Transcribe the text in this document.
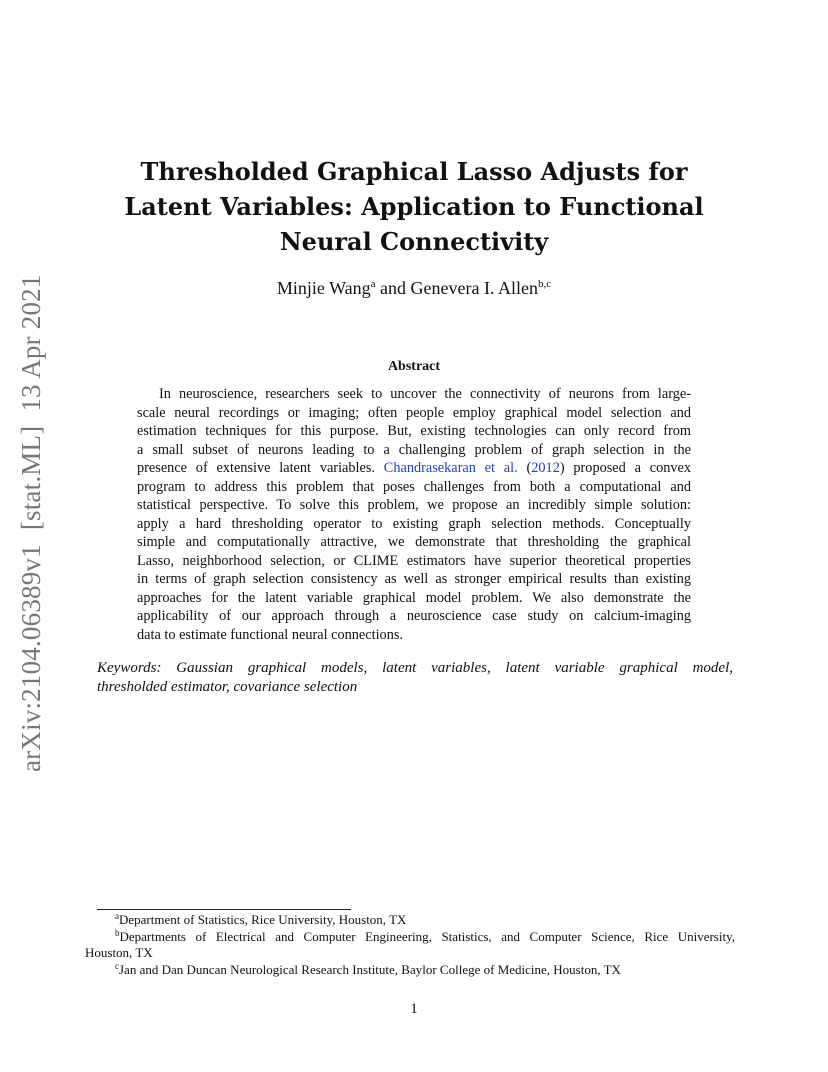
arXiv:2104.06389v1[stat.ML]13 Apr 2021
Thresholded Graphical Lasso Adjusts for
Latent Variables: Application to Functional
Neural Connectivity
Minjie Wang$^a$ and Genevera I. Allen$^{b,c}$
Abstract
In neuroscience, researchers seek to uncover the connectivity of neurons from large-
scale neural recordings or imaging; often people employ graphical model selection and
estimation techniques for this purpose. But, existing technologies can only record from
a small subset of neurons leading to a challenging problem of graph selection in the
presence of extensive latent variables. Chandrasekaran et al. (2012) proposed a convex
program to address this problem that poses challenges from both a computational and
statistical perspective. To solve this problem, we propose an incredibly simple solution:
apply a hard thresholding operator to existing graph selection methods. Conceptually
simple and computationally attractive, we demonstrate that thresholding the graphical
Lasso, neighborhood selection, or CLIME estimators have superior theoretical properties
in terms of graph selection consistency as well as stronger empirical results than existing
approaches for the latent variable graphical model problem. We also demonstrate the
applicability of our approach through a neuroscience case study on calcium-imaging
data to estimate functional neural connections.
Keywords: Gaussian graphical models, latent variables, latent variable graphical model,
thresholded estimator, covariance selection
$^a$Department of Statistics, Rice University, Houston, TX
$^b$Departments of Electrical and Computer Engineering, Statistics, and Computer Science, Rice University,
Houston, TX
$^c$Jan and Dan Duncan Neurological Research Institute, Baylor College of Medicine, Houston, TX
1
